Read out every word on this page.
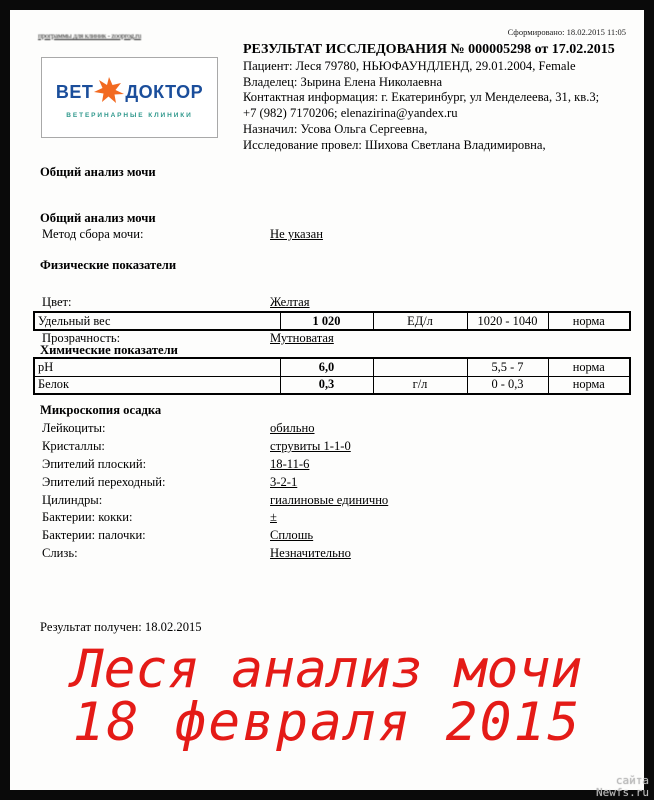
программы для клиник - zooprog.ru	Сформировано: 18.02.2015 11:05
ВЕТ ДОКТОР
ВЕТЕРИНАРНЫЕ КЛИНИКИ
РЕЗУЛЬТАТ ИССЛЕДОВАНИЯ № 000005298 от 17.02.2015
Пациент: Леся 79780, НЬЮФАУНДЛЕНД, 29.01.2004, Female
Владелец: Зырина Елена Николаевна
Контактная информация: г. Екатеринбург, ул Менделеева, 31, кв.3;
+7 (982) 7170206; elenazirina@yandex.ru
Назначил: Усова Ольга Сергеевна,
Исследование провел: Шихова Светлана Владимировна,
Общий анализ мочи
Общий анализ мочи
Метод сбора мочи:	Не указан
Физические показатели
Цвет:	Желтая
Прозрачность:	Мутноватая
Удельный вес	1 020	ЕД/л	1020 - 1040	норма
Химические показатели
pH	6,0		5,5 - 7	норма
Белок	0,3	г/л	0 - 0,3	норма
Микроскопия осадка
Лейкоциты:	обильно
Кристаллы:	струвиты 1-1-0
Эпителий плоский:	18-11-6
Эпителий переходный:	3-2-1
Цилиндры:	гиалиновые единично
Бактерии: кокки:	±
Бактерии: палочки:	Сплошь
Слизь:	Незначительно
Результат получен: 18.02.2015
Леся анализ мочи
18 февраля 2015
сайта
Newfs.ru
